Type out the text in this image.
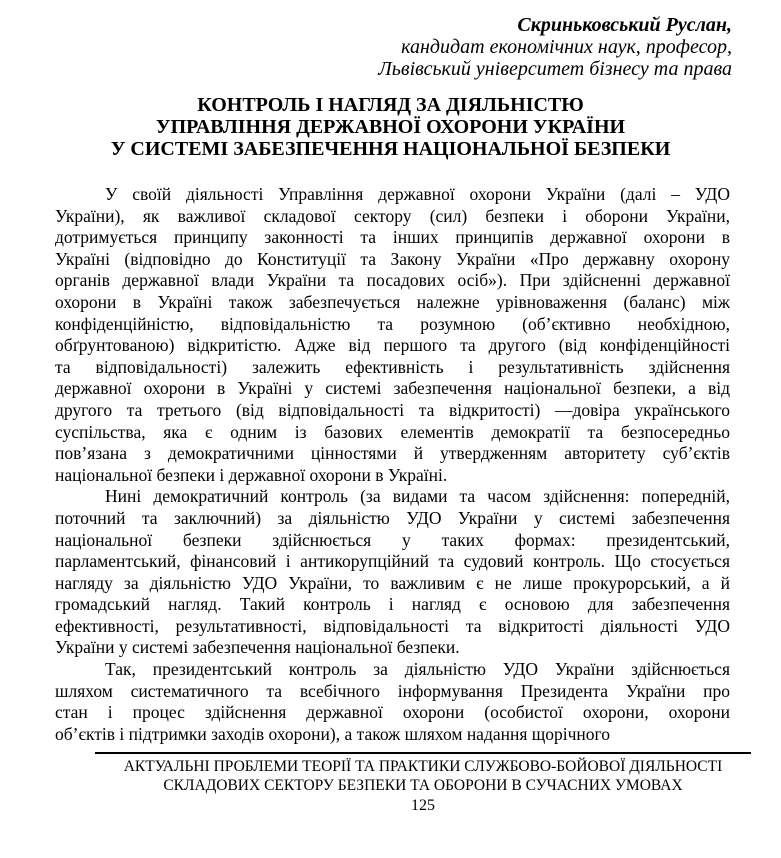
Скриньковський Руслан,
кандидат економічних наук, професор,
Львівський університет бізнесу та права
КОНТРОЛЬ І НАГЛЯД ЗА ДІЯЛЬНІСТЮ
УПРАВЛІННЯ ДЕРЖАВНОЇ ОХОРОНИ УКРАЇНИ
У СИСТЕМІ ЗАБЕЗПЕЧЕННЯ НАЦІОНАЛЬНОЇ БЕЗПЕКИ
У своїй діяльності Управління державної охорони України (далі – УДО
України), як важливої складової сектору (сил) безпеки і оборони України,
дотримується принципу законності та інших принципів державної охорони в
Україні (відповідно до Конституції та Закону України «Про державну охорону
органів державної влади України та посадових осіб»). При здійсненні державної
охорони в Україні також забезпечується належне урівноваження (баланс) між
конфіденційністю, відповідальністю та розумною (об’єктивно необхідною,
обґрунтованою) відкритістю. Адже від першого та другого (від конфіденційності
та відповідальності) залежить ефективність і результативність здійснення
державної охорони в Україні у системі забезпечення національної безпеки, а від
другого та третього (від відповідальності та відкритості) —довіра українського
суспільства, яка є одним із базових елементів демократії та безпосередньо
пов’язана з демократичними цінностями й утвердженням авторитету суб’єктів
національної безпеки і державної охорони в Україні.
Нині демократичний контроль (за видами та часом здійснення: попередній,
поточний та заключний) за діяльністю УДО України у системі забезпечення
національної безпеки здійснюється у таких формах: президентський,
парламентський, фінансовий і антикорупційний та судовий контроль. Що стосується
нагляду за діяльністю УДО України, то важливим є не лише прокурорський, а й
громадський нагляд. Такий контроль і нагляд є основою для забезпечення
ефективності, результативності, відповідальності та відкритості діяльності УДО
України у системі забезпечення національної безпеки.
Так, президентський контроль за діяльністю УДО України здійснюється
шляхом систематичного та всебічного інформування Президента України про
стан і процес здійснення державної охорони (особистої охорони, охорони
об’єктів і підтримки заходів охорони), а також шляхом надання щорічного
АКТУАЛЬНІ ПРОБЛЕМИ ТЕОРІЇ ТА ПРАКТИКИ СЛУЖБОВО-БОЙОВОЇ ДІЯЛЬНОСТІ
СКЛАДОВИХ СЕКТОРУ БЕЗПЕКИ ТА ОБОРОНИ В СУЧАСНИХ УМОВАХ
125
